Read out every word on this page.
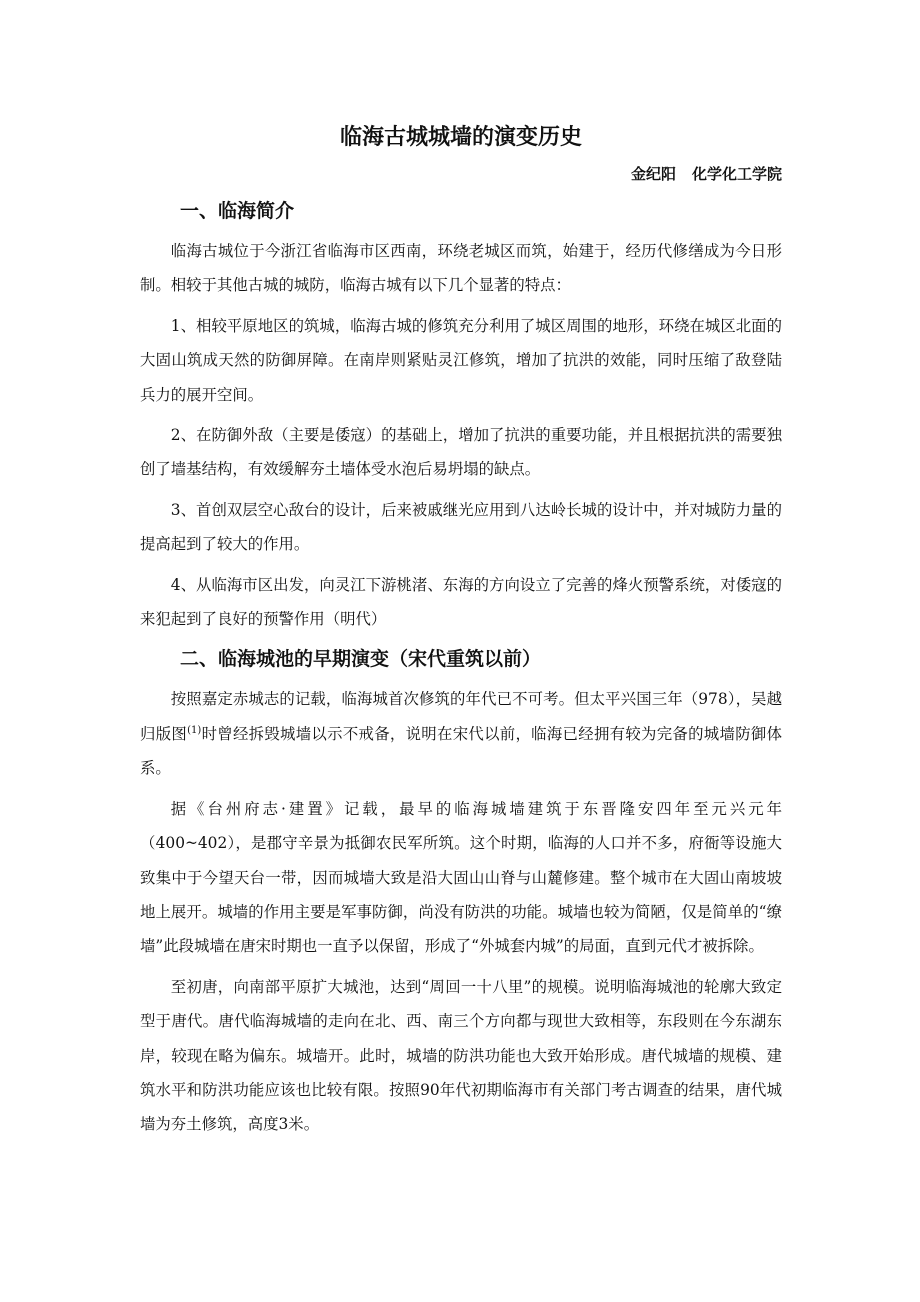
临海古城城墙的演变历史
金纪阳 化学化工学院
一、临海简介

临海古城位于今浙江省临海市区西南，环绕老城区而筑，始建于，经历代修缮成为今日形制。相较于其他古城的城防，临海古城有以下几个显著的特点：

1、相较平原地区的筑城，临海古城的修筑充分利用了城区周围的地形，环绕在城区北面的大固山筑成天然的防御屏障。在南岸则紧贴灵江修筑，增加了抗洪的效能，同时压缩了敌登陆兵力的展开空间。

2、在防御外敌（主要是倭寇）的基础上，增加了抗洪的重要功能，并且根据抗洪的需要独创了墙基结构，有效缓解夯土墙体受水泡后易坍塌的缺点。

3、首创双层空心敌台的设计，后来被戚继光应用到八达岭长城的设计中，并对城防力量的提高起到了较大的作用。

4、从临海市区出发，向灵江下游桃渚、东海的方向设立了完善的烽火预警系统，对倭寇的来犯起到了良好的预警作用（明代）

二、临海城池的早期演变（宋代重筑以前）

按照嘉定赤城志的记载，临海城首次修筑的年代已不可考。但太平兴国三年（978），吴越归版图$^{(1)}$时曾经拆毁城墙以示不戒备，说明在宋代以前，临海已经拥有较为完备的城墙防御体系。

据《台州府志·建置》记载，最早的临海城墙建筑于东晋隆安四年至元兴元年（400~402），是郡守辛景为抵御农民军所筑。这个时期，临海的人口并不多，府衙等设施大致集中于今望天台一带，因而城墙大致是沿大固山山脊与山麓修建。整个城市在大固山南坡坡地上展开。城墙的作用主要是军事防御，尚没有防洪的功能。城墙也较为简陋，仅是简单的“缭墙”此段城墙在唐宋时期也一直予以保留，形成了“外城套内城”的局面，直到元代才被拆除。

至初唐，向南部平原扩大城池，达到“周回一十八里”的规模。说明临海城池的轮廓大致定型于唐代。唐代临海城墙的走向在北、西、南三个方向都与现世大致相等，东段则在今东湖东岸，较现在略为偏东。城墙开。此时，城墙的防洪功能也大致开始形成。唐代城墙的规模、建筑水平和防洪功能应该也比较有限。按照90年代初期临海市有关部门考古调查的结果，唐代城墙为夯土修筑，高度3米。
